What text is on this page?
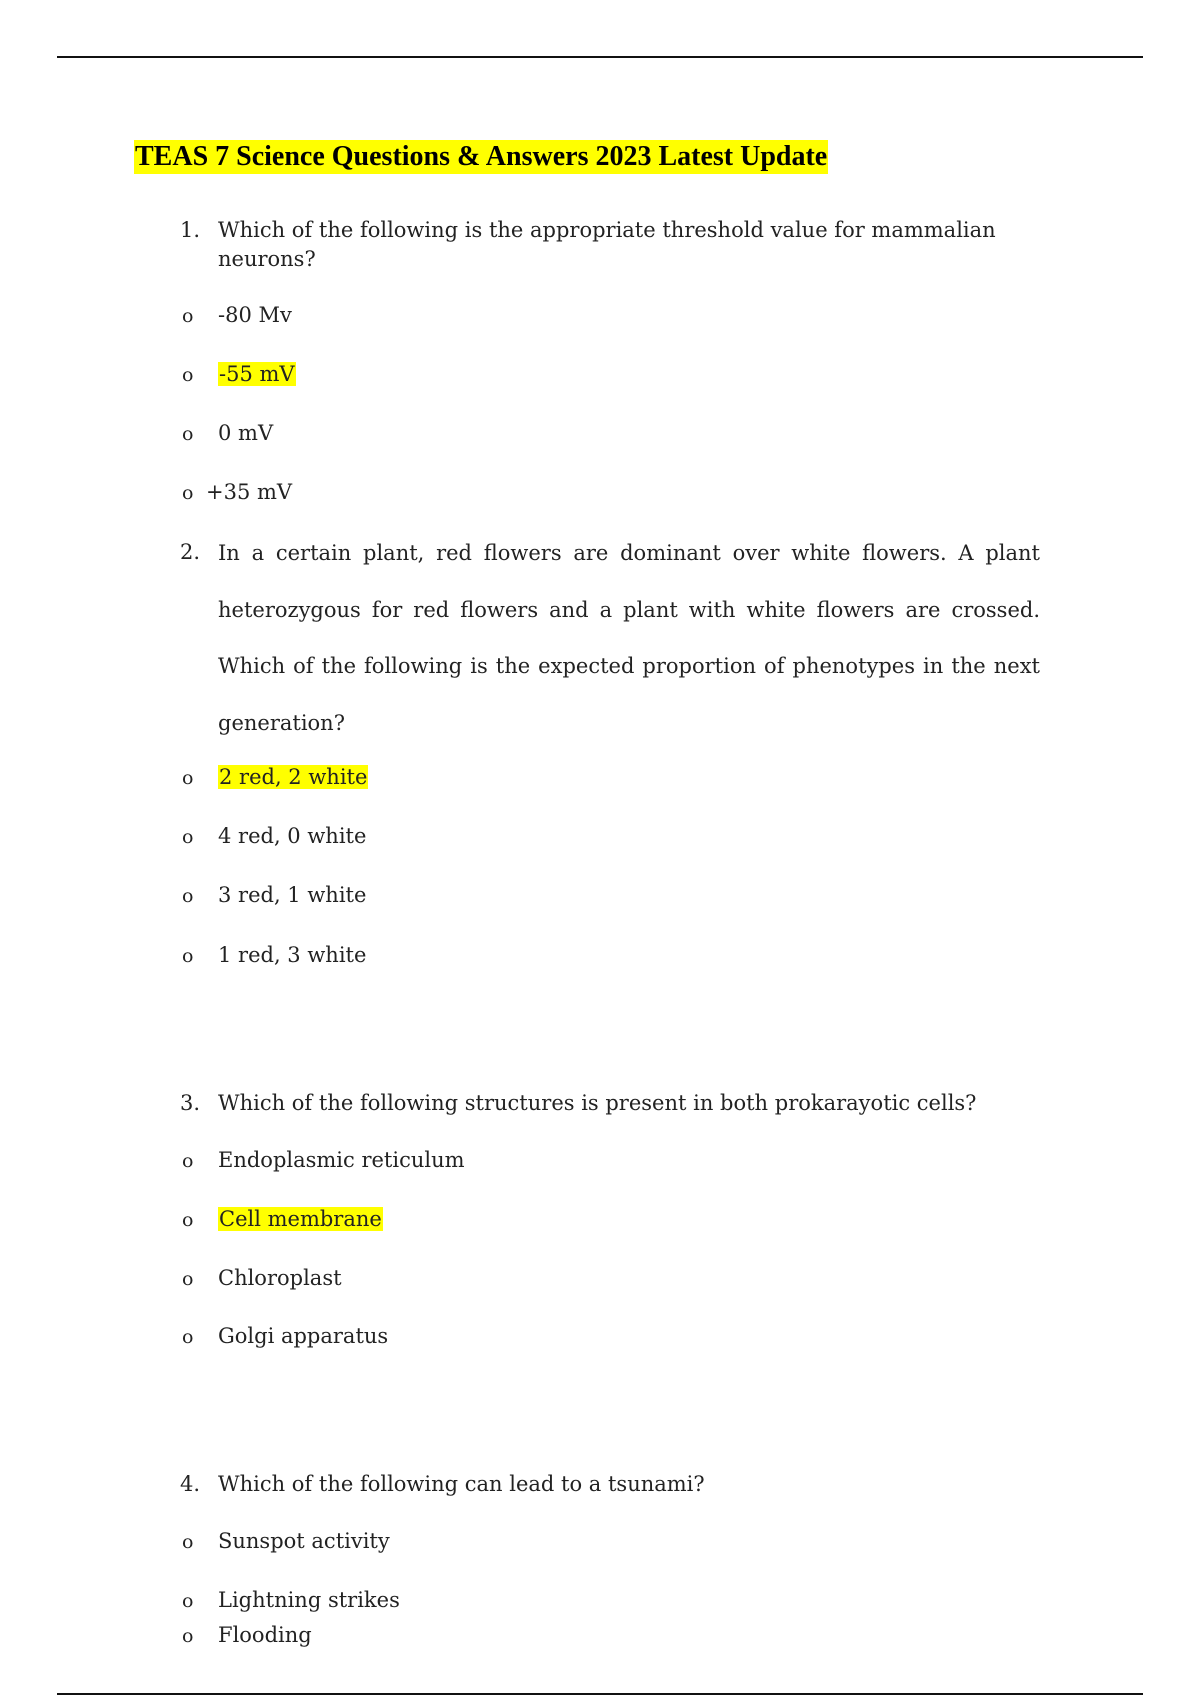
TEAS 7 Science Questions & Answers 2023 Latest Update
1. Which of the following is the appropriate threshold value for mammalian neurons?
o -80 Mv
o -55 mV
o 0 mV
o +35 mV
2. In a certain plant, red flowers are dominant over white flowers. A plant heterozygous for red flowers and a plant with white flowers are crossed. Which of the following is the expected proportion of phenotypes in the next generation?
o 2 red, 2 white
o 4 red, 0 white
o 3 red, 1 white
o 1 red, 3 white
3. Which of the following structures is present in both prokarayotic cells?
o Endoplasmic reticulum
o Cell membrane
o Chloroplast
o Golgi apparatus
4. Which of the following can lead to a tsunami?
o Sunspot activity
o Lightning strikes
o Flooding
